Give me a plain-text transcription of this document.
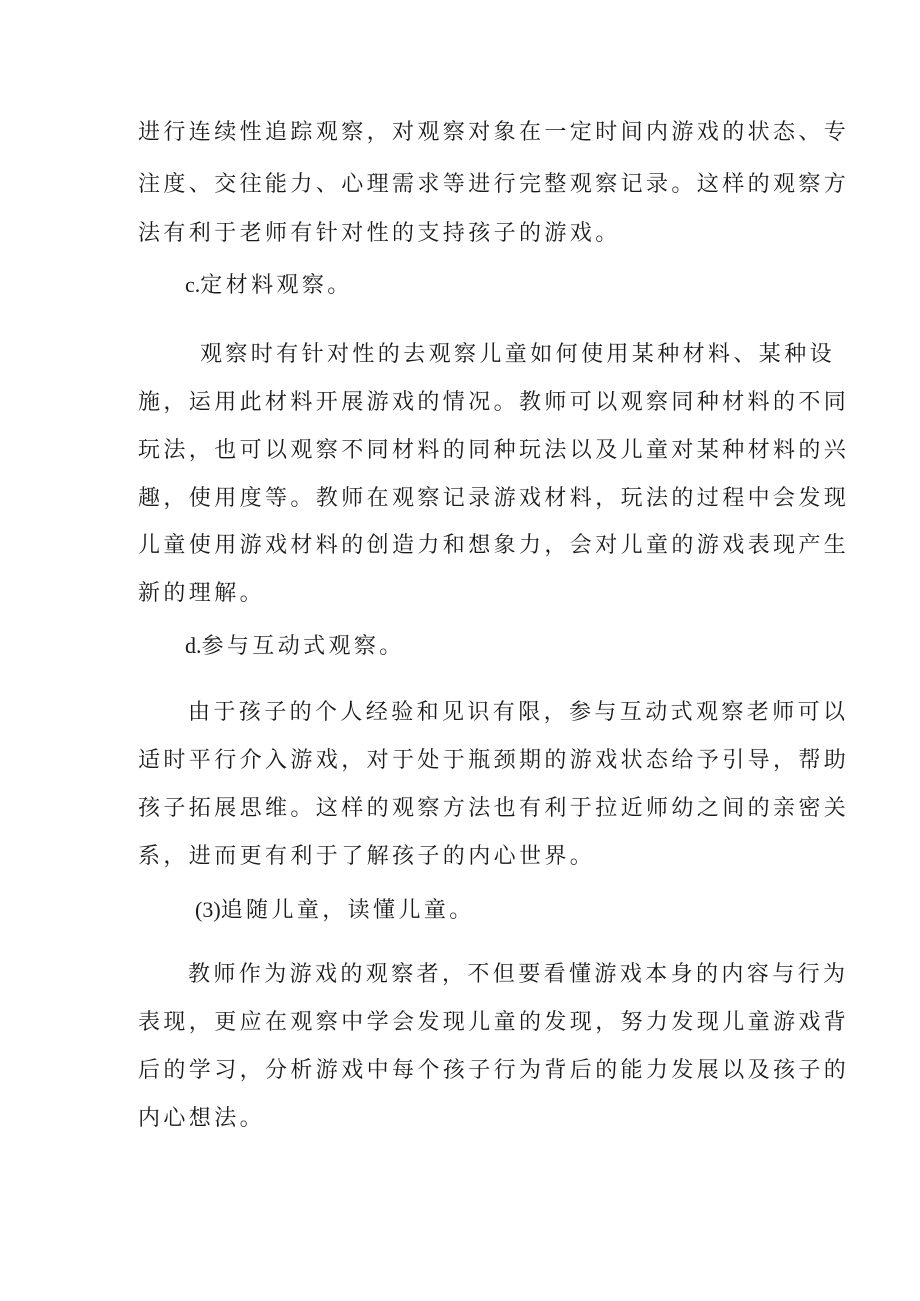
进行连续性追踪观察，对观察对象在一定时间内游戏的状态、专
注度、交往能力、心理需求等进行完整观察记录。这样的观察方
法有利于老师有针对性的支持孩子的游戏。
c.定材料观察。
观察时有针对性的去观察儿童如何使用某种材料、某种设
施，运用此材料开展游戏的情况。教师可以观察同种材料的不同
玩法，也可以观察不同材料的同种玩法以及儿童对某种材料的兴
趣，使用度等。教师在观察记录游戏材料，玩法的过程中会发现
儿童使用游戏材料的创造力和想象力，会对儿童的游戏表现产生
新的理解。
d.参与互动式观察。
由于孩子的个人经验和见识有限，参与互动式观察老师可以
适时平行介入游戏，对于处于瓶颈期的游戏状态给予引导，帮助
孩子拓展思维。这样的观察方法也有利于拉近师幼之间的亲密关
系，进而更有利于了解孩子的内心世界。
(3)追随儿童，读懂儿童。
教师作为游戏的观察者，不但要看懂游戏本身的内容与行为
表现，更应在观察中学会发现儿童的发现，努力发现儿童游戏背
后的学习，分析游戏中每个孩子行为背后的能力发展以及孩子的
内心想法。
